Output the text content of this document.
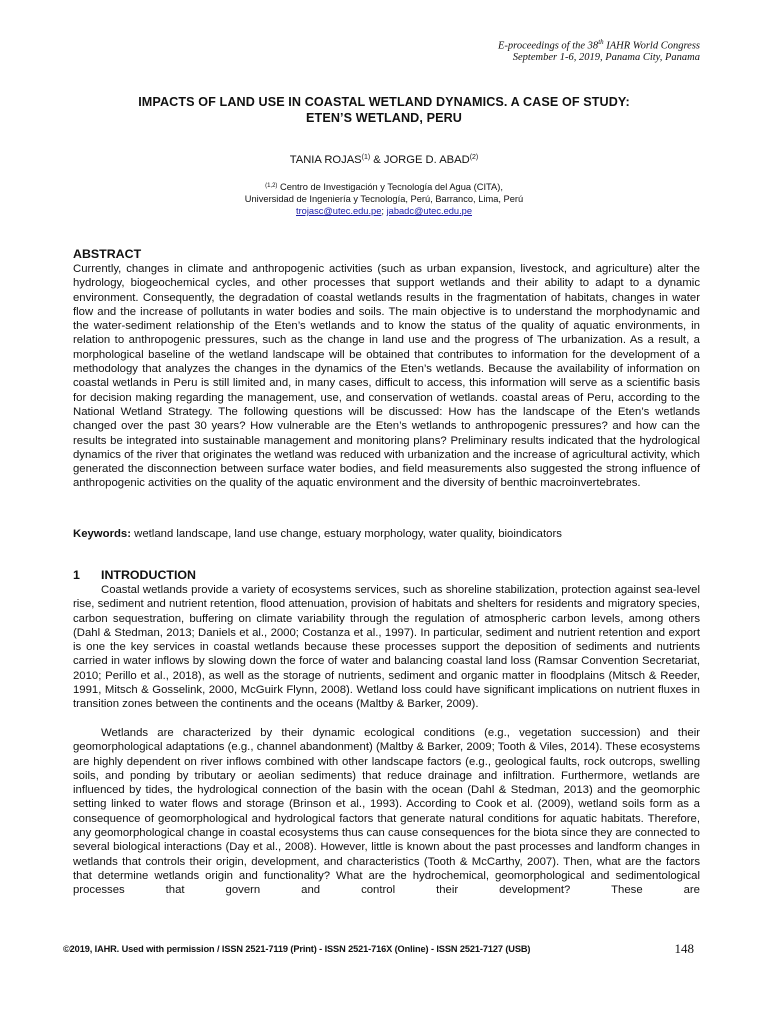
E-proceedings of the 38th IAHR World Congress
September 1-6, 2019, Panama City, Panama
IMPACTS OF LAND USE IN COASTAL WETLAND DYNAMICS. A CASE OF STUDY:
ETEN’S WETLAND, PERU
TANIA ROJAS$^{(1)}$ & JORGE D. ABAD$^{(2)}$
$^{(1,2)}$ Centro de Investigación y Tecnología del Agua (CITA),
Universidad de Ingeniería y Tecnología, Perú, Barranco, Lima, Perú
trojasc@utec.edu.pe; jabadc@utec.edu.pe
ABSTRACT

Currently, changes in climate and anthropogenic activities (such as urban expansion, livestock, and agriculture) alter the hydrology, biogeochemical cycles, and other processes that support wetlands and their ability to adapt to a dynamic environment. Consequently, the degradation of coastal wetlands results in the fragmentation of habitats, changes in water flow and the increase of pollutants in water bodies and soils. The main objective is to understand the morphodynamic and the water-sediment relationship of the Eten’s wetlands and to know the status of the quality of aquatic environments, in relation to anthropogenic pressures, such as the change in land use and the progress of The urbanization. As a result, a morphological baseline of the wetland landscape will be obtained that contributes to information for the development of a methodology that analyzes the changes in the dynamics of the Eten’s wetlands. Because the availability of information on coastal wetlands in Peru is still limited and, in many cases, difficult to access, this information will serve as a scientific basis for decision making regarding the management, use, and conservation of wetlands. coastal areas of Peru, according to the National Wetland Strategy. The following questions will be discussed: How has the landscape of the Eten’s wetlands changed over the past 30 years? How vulnerable are the Eten’s wetlands to anthropogenic pressures? and how can the results be integrated into sustainable management and monitoring plans? Preliminary results indicated that the hydrological dynamics of the river that originates the wetland was reduced with urbanization and the increase of agricultural activity, which generated the disconnection between surface water bodies, and field measurements also suggested the strong influence of anthropogenic activities on the quality of the aquatic environment and the diversity of benthic macroinvertebrates.

Keywords: wetland landscape, land use change, estuary morphology, water quality, bioindicators

1 INTRODUCTION

Coastal wetlands provide a variety of ecosystems services, such as shoreline stabilization, protection against sea-level rise, sediment and nutrient retention, flood attenuation, provision of habitats and shelters for residents and migratory species, carbon sequestration, buffering on climate variability through the regulation of atmospheric carbon levels, among others (Dahl & Stedman, 2013; Daniels et al., 2000; Costanza et al., 1997). In particular, sediment and nutrient retention and export is one the key services in coastal wetlands because these processes support the deposition of sediments and nutrients carried in water inflows by slowing down the force of water and balancing coastal land loss (Ramsar Convention Secretariat, 2010; Perillo et al., 2018), as well as the storage of nutrients, sediment and organic matter in floodplains (Mitsch & Reeder, 1991, Mitsch & Gosselink, 2000, McGuirk Flynn, 2008). Wetland loss could have significant implications on nutrient fluxes in transition zones between the continents and the oceans (Maltby & Barker, 2009).

Wetlands are characterized by their dynamic ecological conditions (e.g., vegetation succession) and their geomorphological adaptations (e.g., channel abandonment) (Maltby & Barker, 2009; Tooth & Viles, 2014). These ecosystems are highly dependent on river inflows combined with other landscape factors (e.g., geological faults, rock outcrops, swelling soils, and ponding by tributary or aeolian sediments) that reduce drainage and infiltration. Furthermore, wetlands are influenced by tides, the hydrological connection of the basin with the ocean (Dahl & Stedman, 2013) and the geomorphic setting linked to water flows and storage (Brinson et al., 1993). According to Cook et al. (2009), wetland soils form as a consequence of geomorphological and hydrological factors that generate natural conditions for aquatic habitats. Therefore, any geomorphological change in coastal ecosystems thus can cause consequences for the biota since they are connected to several biological interactions (Day et al., 2008). However, little is known about the past processes and landform changes in wetlands that controls their origin, development, and characteristics (Tooth & McCarthy, 2007). Then, what are the factors that determine wetlands origin and functionality? What are the hydrochemical, geomorphological and sedimentological processes that govern and control their development? These are

©2019, IAHR. Used with permission / ISSN 2521-7119 (Print) - ISSN 2521-716X (Online) - ISSN 2521-7127 (USB)	148
